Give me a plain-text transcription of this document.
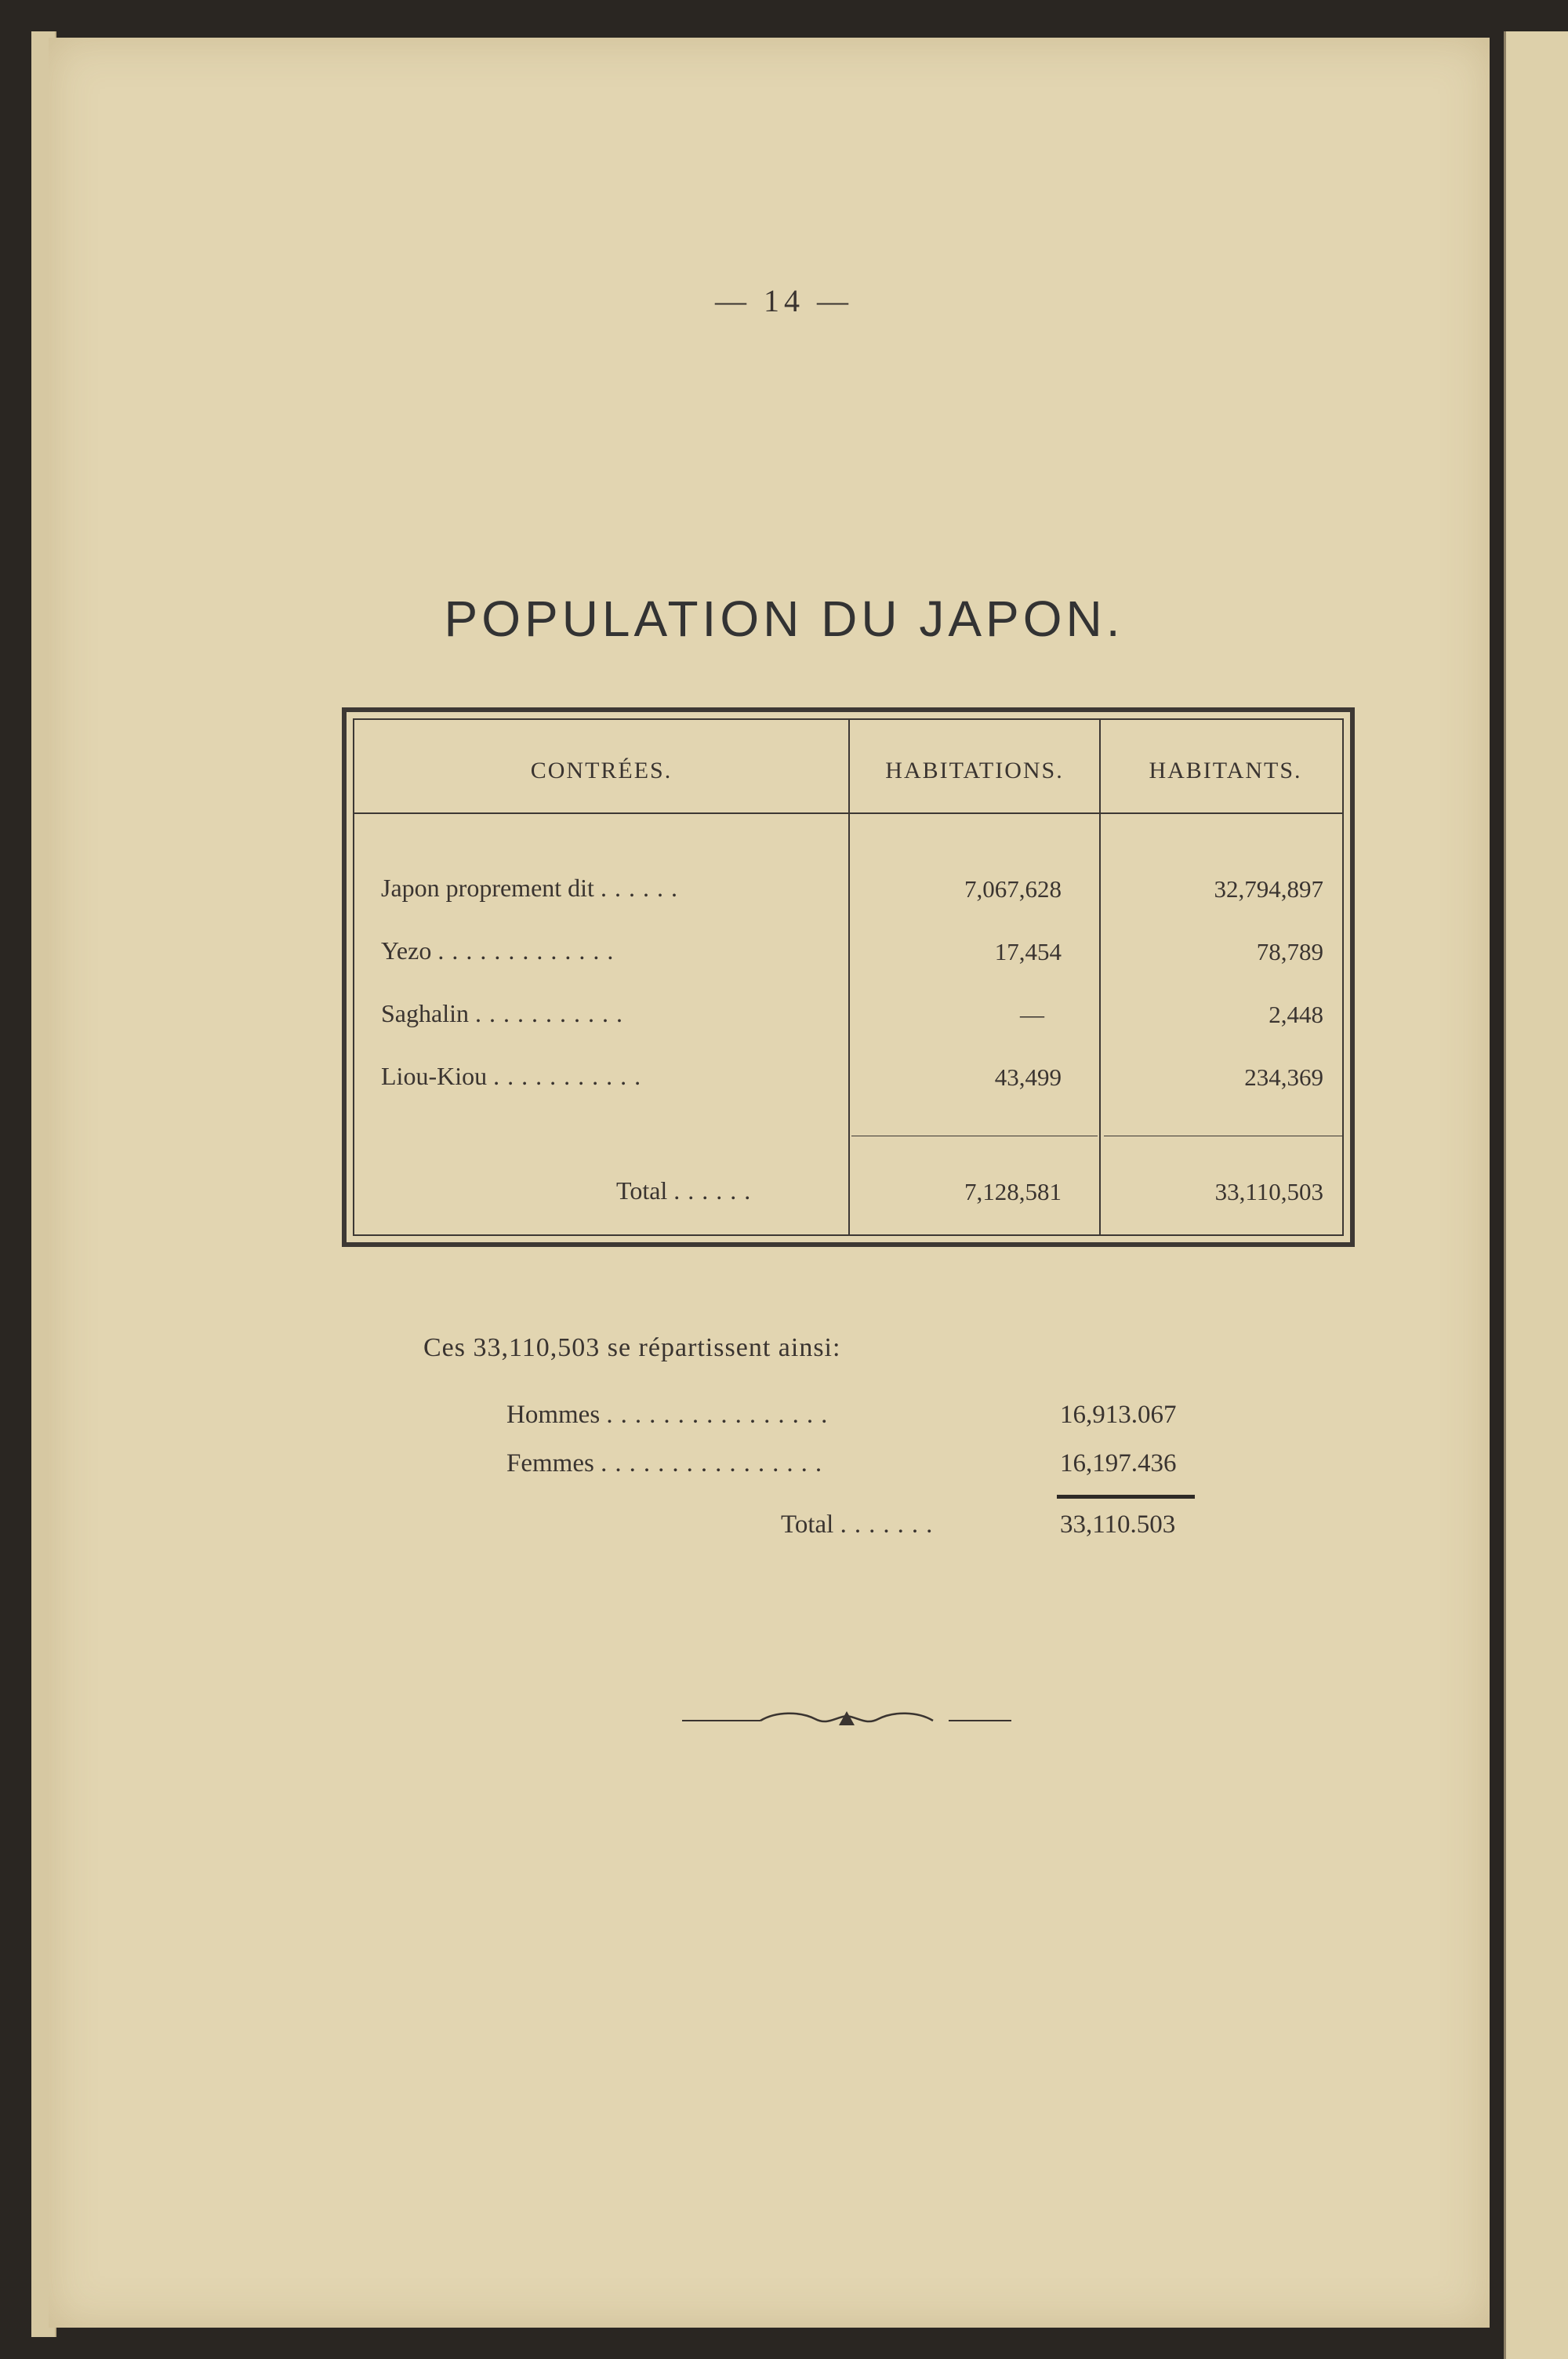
— 14 —
POPULATION DU JAPON.
CONTRÉES.	HABITATIONS.	HABITANTS.
Japon proprement dit ......	7,067,628	32,794,897
Yezo .............	17,454	78,789
Saghalin ...........	—	2,448
Liou-Kiou ...........	43,499	234,369
Total ......	7,128,581	33,110,503
Ces 33,110,503 se répartissent ainsi:
Hommes ................	16,913.067
Femmes ................	16,197.436
Total .......	33,110.503
